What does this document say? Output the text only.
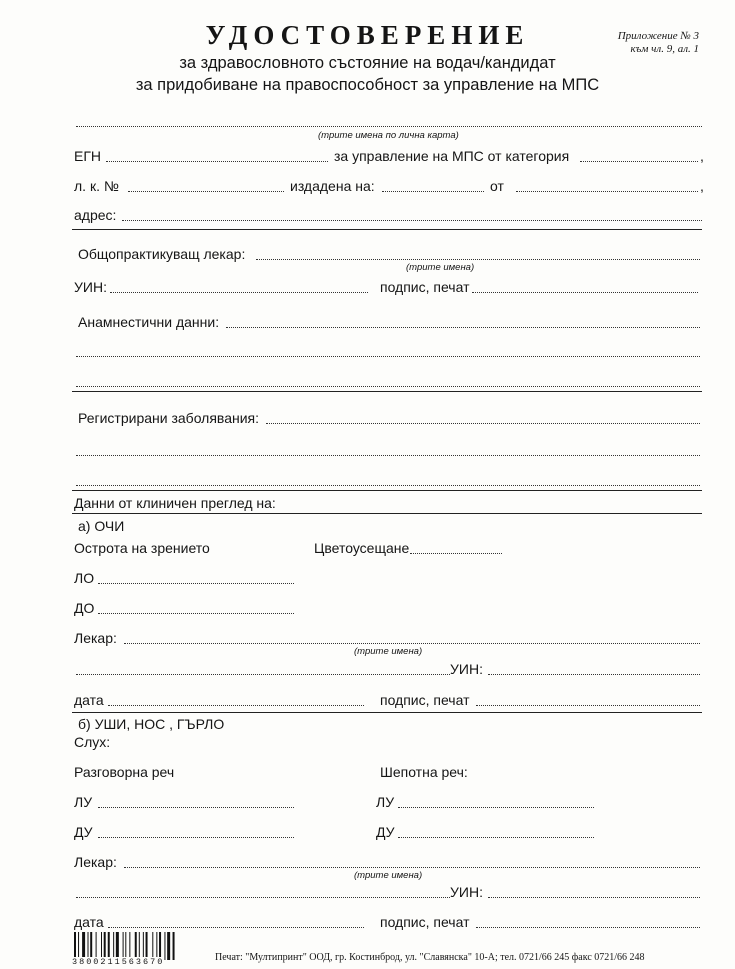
УДОСТОВЕРЕНИЕ
за здравословното състояние на водач/кандидат
за придобиване на правоспособност за управление на МПС
Приложение № 3
към чл. 9, ал. 1
(трите имена по лична карта)
ЕГН	за управление на МПС от категория	,
л. к. №	издадена на:	от	,
адрес:
Общопрактикуващ лекар:
(трите имена)
УИН:	подпис, печат
Анамнестични данни:
Регистрирани заболявания:
Данни от клиничен преглед на:
а) ОЧИ
Острота на зрението	Цветоусещане
ЛО
ДО
Лекар:
(трите имена)
УИН:
дата	подпис, печат
б) УШИ, НОС , ГЪРЛО
Слух:
Разговорна реч	Шепотна реч:
ЛУ	ЛУ
ДУ	ДУ
Лекар:
(трите имена)
УИН:
дата	подпис, печат
3800211563670	Печат: "Мултипринт" ООД, гр. Костинброд, ул. "Славянска" 10-А; тел. 0721/66 245 факс 0721/66 248
